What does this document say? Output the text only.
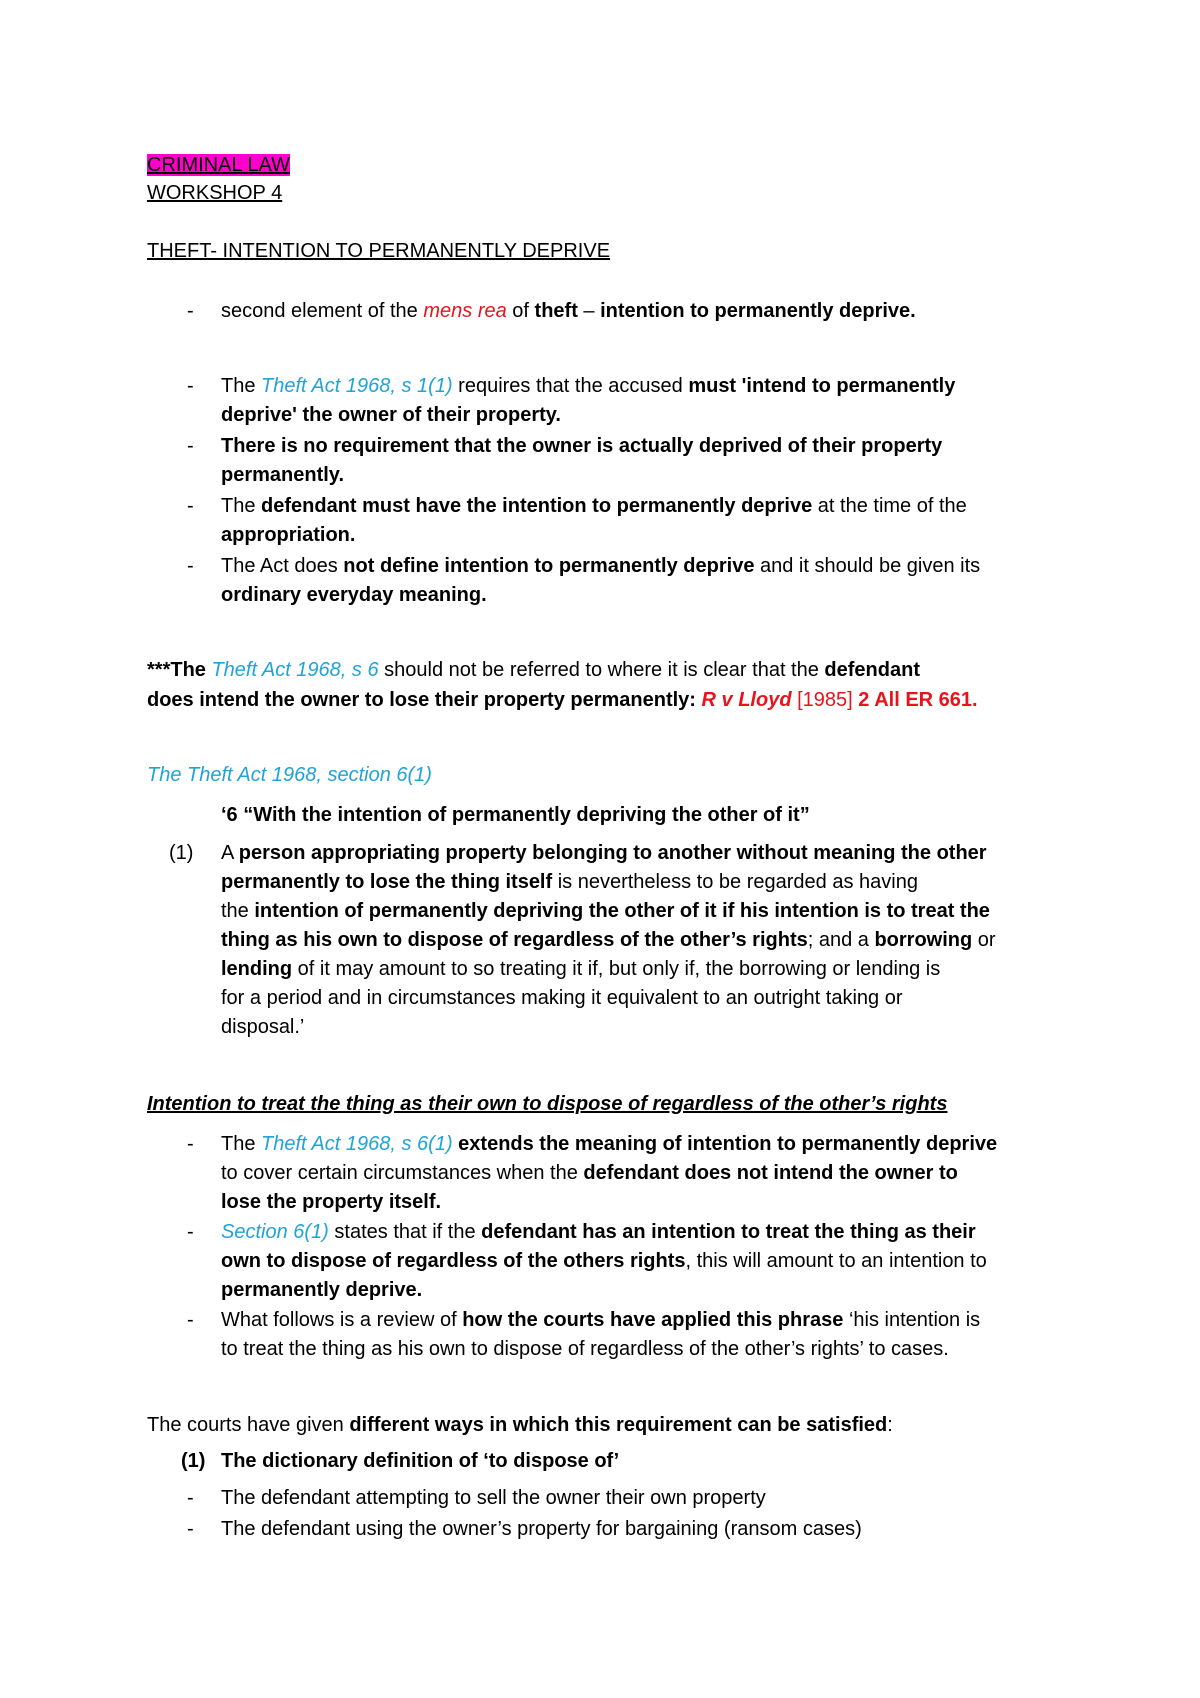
CRIMINAL LAW
WORKSHOP 4
THEFT- INTENTION TO PERMANENTLY DEPRIVE
-	second element of the mens rea of theft – intention to permanently deprive.
-	The Theft Act 1968, s 1(1) requires that the accused must 'intend to permanently
deprive' the owner of their property.
-	There is no requirement that the owner is actually deprived of their property
permanently.
-	The defendant must have the intention to permanently deprive at the time of the
appropriation.
-	The Act does not define intention to permanently deprive and it should be given its
ordinary everyday meaning.
***The Theft Act 1968, s 6 should not be referred to where it is clear that the defendant
does intend the owner to lose their property permanently: R v Lloyd [1985] 2 All ER 661.
The Theft Act 1968, section 6(1)
‘6 “With the intention of permanently depriving the other of it”
(1) A person appropriating property belonging to another without meaning the other
permanently to lose the thing itself is nevertheless to be regarded as having
the intention of permanently depriving the other of it if his intention is to treat the
thing as his own to dispose of regardless of the other’s rights; and a borrowing or
lending of it may amount to so treating it if, but only if, the borrowing or lending is
for a period and in circumstances making it equivalent to an outright taking or
disposal.’
Intention to treat the thing as their own to dispose of regardless of the other’s rights
-	The Theft Act 1968, s 6(1) extends the meaning of intention to permanently deprive
to cover certain circumstances when the defendant does not intend the owner to
lose the property itself.
-	Section 6(1) states that if the defendant has an intention to treat the thing as their
own to dispose of regardless of the others rights, this will amount to an intention to
permanently deprive.
-	What follows is a review of how the courts have applied this phrase ‘his intention is
to treat the thing as his own to dispose of regardless of the other’s rights’ to cases.
The courts have given different ways in which this requirement can be satisfied:
(1) The dictionary definition of ‘to dispose of’
-	The defendant attempting to sell the owner their own property
-	The defendant using the owner’s property for bargaining (ransom cases)
